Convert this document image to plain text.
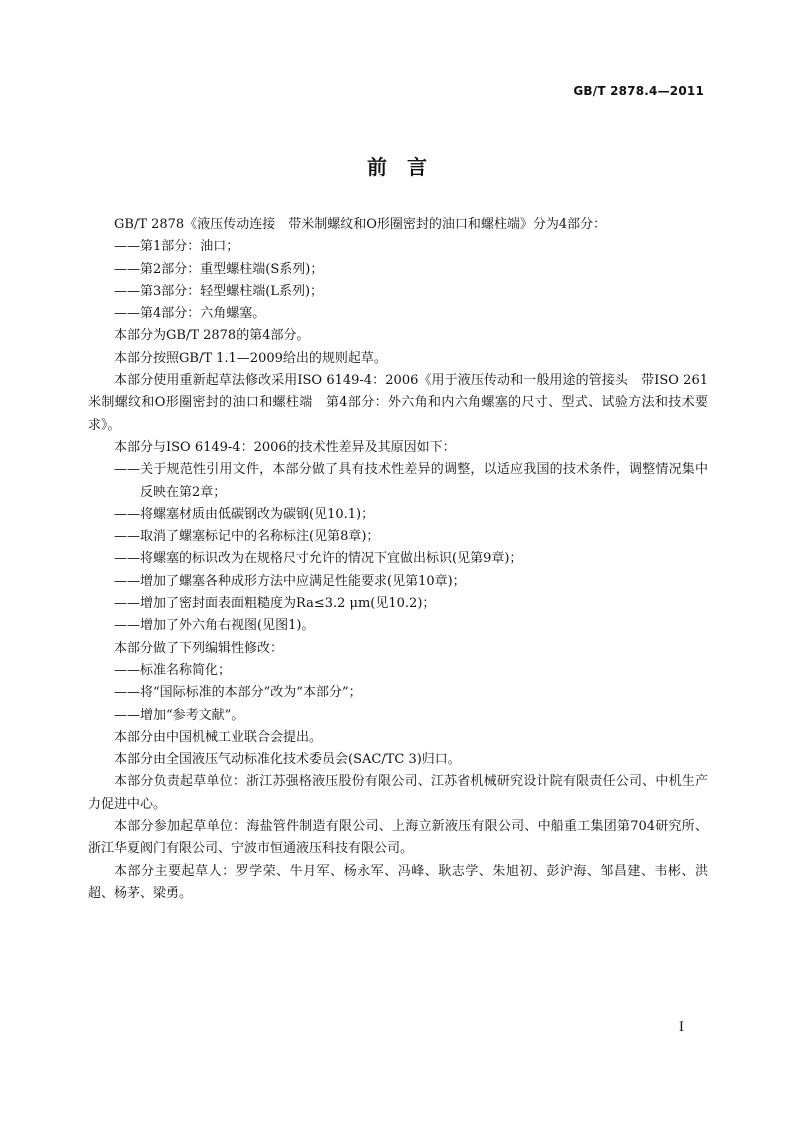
GB/T 2878.4—2011
前　言

GB/T 2878《液压传动连接　带米制螺纹和O形圈密封的油口和螺柱端》分为4部分：

——第1部分：油口；

——第2部分：重型螺柱端(S系列)；

——第3部分：轻型螺柱端(L系列)；

——第4部分：六角螺塞。

本部分为GB/T 2878的第4部分。

本部分按照GB/T 1.1—2009给出的规则起草。

本部分使用重新起草法修改采用ISO 6149-4：2006《用于液压传动和一般用途的管接头　带ISO 261米制螺纹和O形圈密封的油口和螺柱端　第4部分：外六角和内六角螺塞的尺寸、型式、试验方法和技术要求》。

本部分与ISO 6149-4：2006的技术性差异及其原因如下：

——关于规范性引用文件，本部分做了具有技术性差异的调整，以适应我国的技术条件，调整情况集中反映在第2章；

——将螺塞材质由低碳钢改为碳钢(见10.1)；

——取消了螺塞标记中的名称标注(见第8章)；

——将螺塞的标识改为在规格尺寸允许的情况下宜做出标识(见第9章)；

——增加了螺塞各种成形方法中应满足性能要求(见第10章)；

——增加了密封面表面粗糙度为Ra≤3.2 μm(见10.2)；

——增加了外六角右视图(见图1)。

本部分做了下列编辑性修改：

——标准名称简化；

——将“国际标准的本部分”改为“本部分”；

——增加“参考文献”。

本部分由中国机械工业联合会提出。

本部分由全国液压气动标准化技术委员会(SAC/TC 3)归口。

本部分负责起草单位：浙江苏强格液压股份有限公司、江苏省机械研究设计院有限责任公司、中机生产力促进中心。

本部分参加起草单位：海盐管件制造有限公司、上海立新液压有限公司、中船重工集团第704研究所、浙江华夏阀门有限公司、宁波市恒通液压科技有限公司。

本部分主要起草人：罗学荣、牛月军、杨永军、冯峰、耿志学、朱旭初、彭沪海、邹昌建、韦彬、洪超、杨茅、梁勇。

I
